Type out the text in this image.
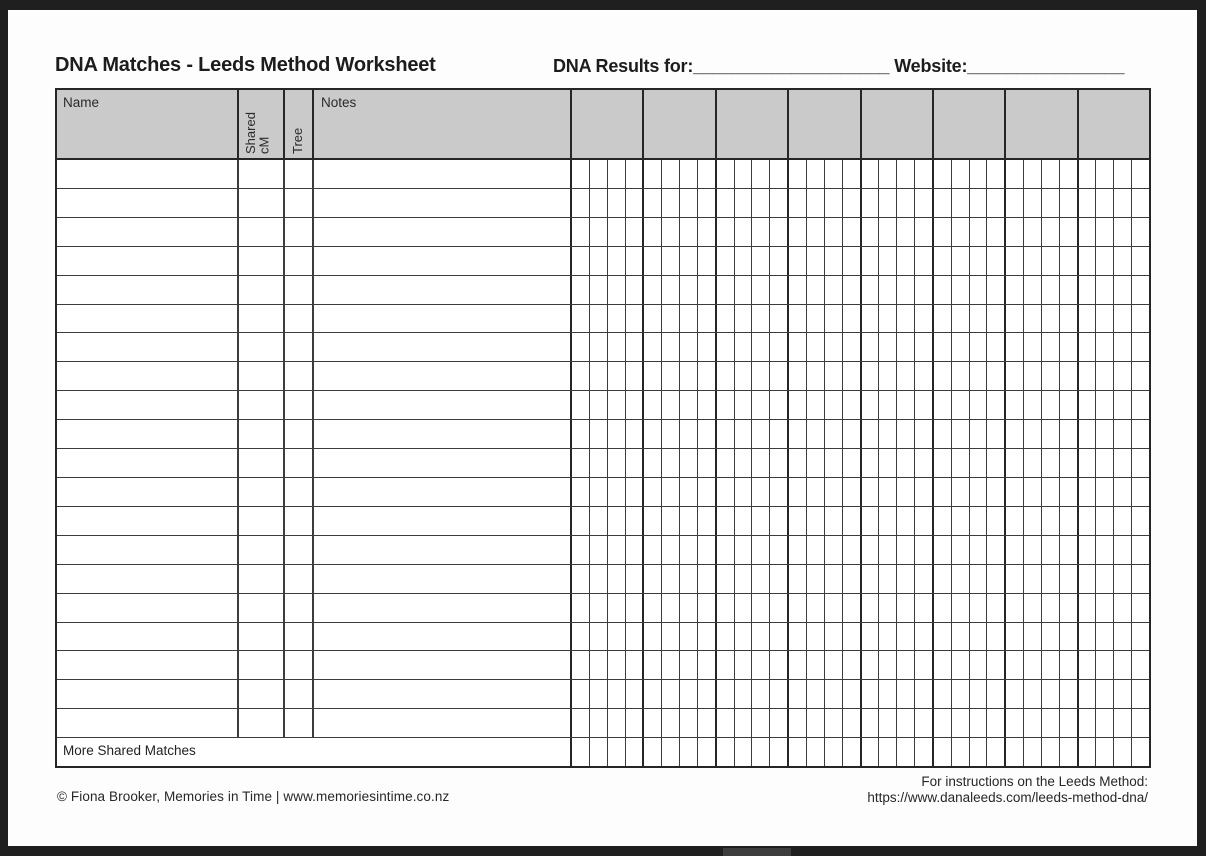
DNA Matches - Leeds Method Worksheet	DNA Results for:____________________ Website:________________
Name
Shared cM Tree
Notes
More Shared Matches
© Fiona Brooker, Memories in Time | www.memoriesintime.co.nz
For instructions on the Leeds Method:
https://www.danaleeds.com/leeds-method-dna/
